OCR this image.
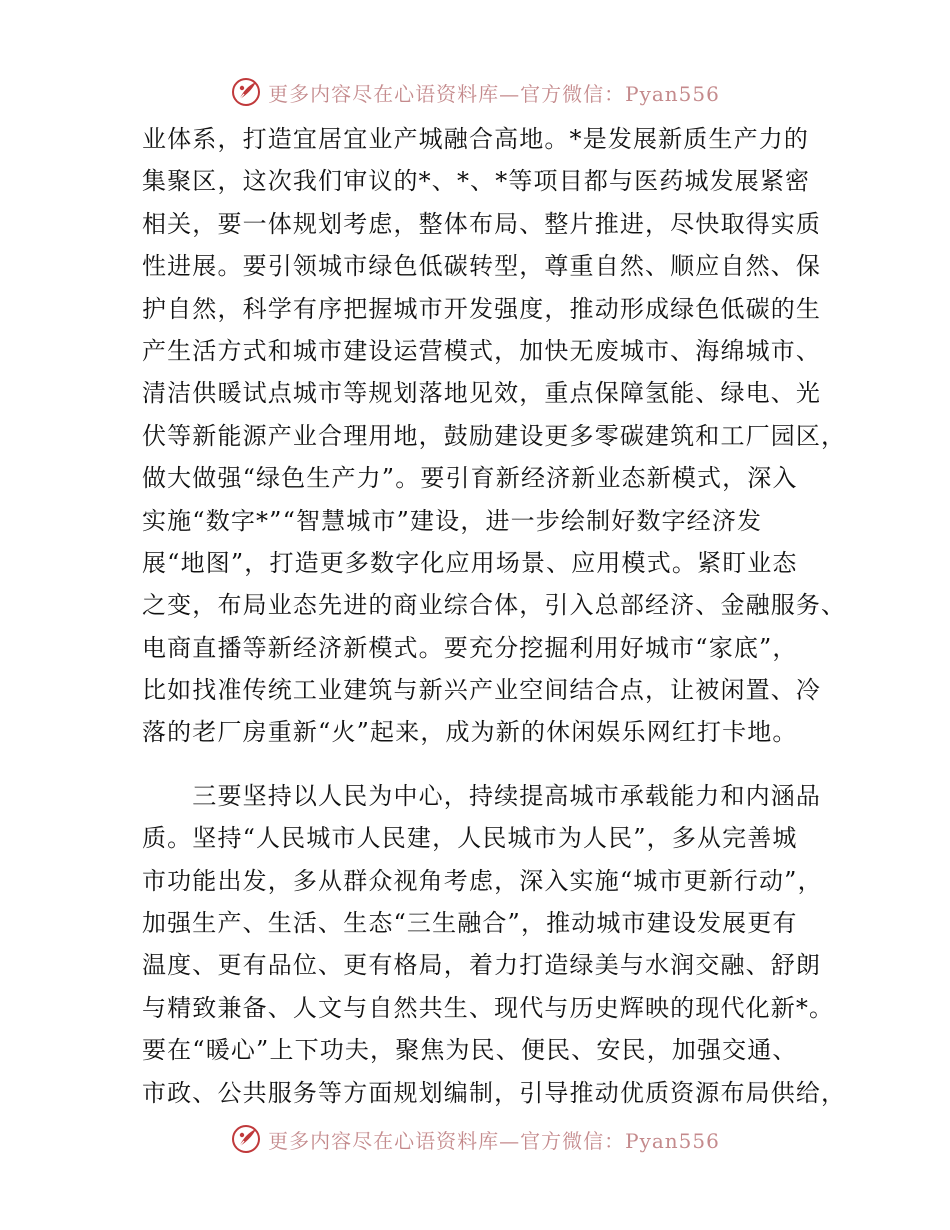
更多内容尽在心语资料库—官方微信：Pyan556
业体系，打造宜居宜业产城融合高地。*是发展新质生产力的
集聚区，这次我们审议的*、*、*等项目都与医药城发展紧密
相关，要一体规划考虑，整体布局、整片推进，尽快取得实质
性进展。要引领城市绿色低碳转型，尊重自然、顺应自然、保
护自然，科学有序把握城市开发强度，推动形成绿色低碳的生
产生活方式和城市建设运营模式，加快无废城市、海绵城市、
清洁供暖试点城市等规划落地见效，重点保障氢能、绿电、光
伏等新能源产业合理用地，鼓励建设更多零碳建筑和工厂园区，
做大做强“绿色生产力”。要引育新经济新业态新模式，深入
实施“数字*”“智慧城市”建设，进一步绘制好数字经济发
展“地图”，打造更多数字化应用场景、应用模式。紧盯业态
之变，布局业态先进的商业综合体，引入总部经济、金融服务、
电商直播等新经济新模式。要充分挖掘利用好城市“家底”，
比如找准传统工业建筑与新兴产业空间结合点，让被闲置、冷
落的老厂房重新“火”起来，成为新的休闲娱乐网红打卡地。
　　三要坚持以人民为中心，持续提高城市承载能力和内涵品
质。坚持“人民城市人民建，人民城市为人民”，多从完善城
市功能出发，多从群众视角考虑，深入实施“城市更新行动”，
加强生产、生活、生态“三生融合”，推动城市建设发展更有
温度、更有品位、更有格局，着力打造绿美与水润交融、舒朗
与精致兼备、人文与自然共生、现代与历史辉映的现代化新*。
要在“暖心”上下功夫，聚焦为民、便民、安民，加强交通、
市政、公共服务等方面规划编制，引导推动优质资源布局供给，
更多内容尽在心语资料库—官方微信：Pyan556
